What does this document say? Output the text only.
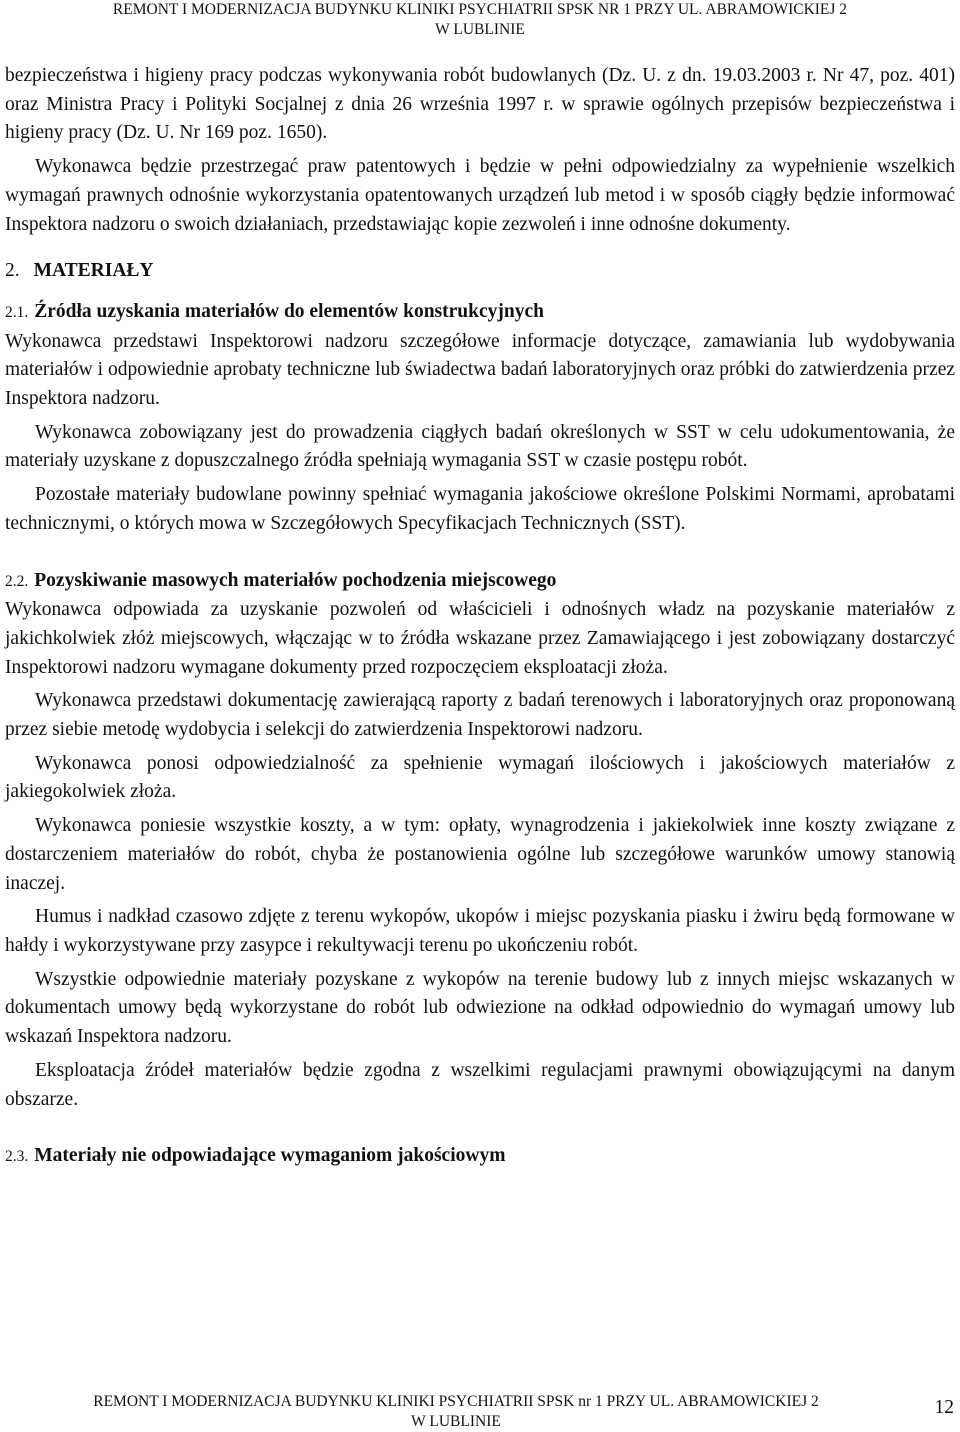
REMONT I MODERNIZACJA BUDYNKU KLINIKI PSYCHIATRII SPSK NR 1 PRZY UL. ABRAMOWICKIEJ 2
W LUBLINIE

bezpieczeństwa i higieny pracy podczas wykonywania robót budowlanych (Dz. U. z dn. 19.03.2003 r. Nr 47, poz. 401) oraz Ministra Pracy i Polityki Socjalnej z dnia 26 września 1997 r. w sprawie ogólnych przepisów bezpieczeństwa i higieny pracy (Dz. U. Nr 169 poz. 1650).

Wykonawca będzie przestrzegać praw patentowych i będzie w pełni odpowiedzialny za wypełnienie wszelkich wymagań prawnych odnośnie wykorzystania opatentowanych urządzeń lub metod i w sposób ciągły będzie informować Inspektora nadzoru o swoich działaniach, przedstawiając kopie zezwoleń i inne odnośne dokumenty.

2. MATERIAŁY
2.1. Źródła uzyskania materiałów do elementów konstrukcyjnych

Wykonawca przedstawi Inspektorowi nadzoru szczegółowe informacje dotyczące, zamawiania lub wydobywania materiałów i odpowiednie aprobaty techniczne lub świadectwa badań laboratoryjnych oraz próbki do zatwierdzenia przez Inspektora nadzoru.

Wykonawca zobowiązany jest do prowadzenia ciągłych badań określonych w SST w celu udokumentowania, że materiały uzyskane z dopuszczalnego źródła spełniają wymagania SST w czasie postępu robót.

Pozostałe materiały budowlane powinny spełniać wymagania jakościowe określone Polskimi Normami, aprobatami technicznymi, o których mowa w Szczegółowych Specyfikacjach Technicznych (SST).

2.2. Pozyskiwanie masowych materiałów pochodzenia miejscowego

Wykonawca odpowiada za uzyskanie pozwoleń od właścicieli i odnośnych władz na pozyskanie materiałów z jakichkolwiek złóż miejscowych, włączając w to źródła wskazane przez Zamawiającego i jest zobowiązany dostarczyć Inspektorowi nadzoru wymagane dokumenty przed rozpoczęciem eksploatacji złoża.

Wykonawca przedstawi dokumentację zawierającą raporty z badań terenowych i laboratoryjnych oraz proponowaną przez siebie metodę wydobycia i selekcji do zatwierdzenia Inspektorowi nadzoru.

Wykonawca ponosi odpowiedzialność za spełnienie wymagań ilościowych i jakościowych materiałów z jakiegokolwiek złoża.

Wykonawca poniesie wszystkie koszty, a w tym: opłaty, wynagrodzenia i jakiekolwiek inne koszty związane z dostarczeniem materiałów do robót, chyba że postanowienia ogólne lub szczegółowe warunków umowy stanowią inaczej.

Humus i nadkład czasowo zdjęte z terenu wykopów, ukopów i miejsc pozyskania piasku i żwiru będą formowane w hałdy i wykorzystywane przy zasypce i rekultywacji terenu po ukończeniu robót.

Wszystkie odpowiednie materiały pozyskane z wykopów na terenie budowy lub z innych miejsc wskazanych w dokumentach umowy będą wykorzystane do robót lub odwiezione na odkład odpowiednio do wymagań umowy lub wskazań Inspektora nadzoru.

Eksploatacja źródeł materiałów będzie zgodna z wszelkimi regulacjami prawnymi obowiązującymi na danym obszarze.

2.3. Materiały nie odpowiadające wymaganiom jakościowym
REMONT I MODERNIZACJA BUDYNKU KLINIKI PSYCHIATRII SPSK nr 1 PRZY UL. ABRAMOWICKIEJ 2
W LUBLINIE
12
